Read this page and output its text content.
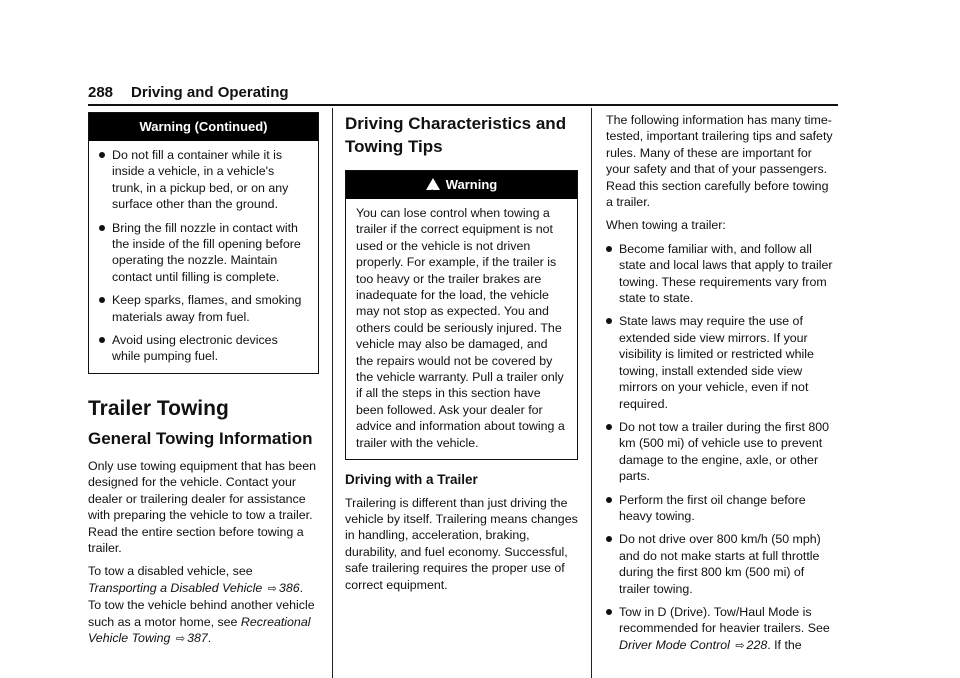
288 Driving and Operating
Warning (Continued)
Do not fill a container while it is inside a vehicle, in a vehicle's trunk, in a pickup bed, or on any surface other than the ground.
Bring the fill nozzle in contact with the inside of the fill opening before operating the nozzle. Maintain contact until filling is complete.
Keep sparks, flames, and smoking materials away from fuel.
Avoid using electronic devices while pumping fuel.
Trailer Towing
General Towing Information

Only use towing equipment that has been designed for the vehicle. Contact your dealer or trailering dealer for assistance with preparing the vehicle to tow a trailer. Read the entire section before towing a trailer.

To tow a disabled vehicle, see Transporting a Disabled Vehicle ⇨ 386. To tow the vehicle behind another vehicle such as a motor home, see Recreational Vehicle Towing ⇨ 387.

Driving Characteristics and Towing Tips
!Warning

You can lose control when towing a trailer if the correct equipment is not used or the vehicle is not driven properly. For example, if the trailer is too heavy or the trailer brakes are inadequate for the load, the vehicle may not stop as expected. You and others could be seriously injured. The vehicle may also be damaged, and the repairs would not be covered by the vehicle warranty. Pull a trailer only if all the steps in this section have been followed. Ask your dealer for advice and information about towing a trailer with the vehicle.

Driving with a Trailer

Trailering is different than just driving the vehicle by itself. Trailering means changes in handling, acceleration, braking, durability, and fuel economy. Successful, safe trailering requires the proper use of correct equipment.

The following information has many time-tested, important trailering tips and safety rules. Many of these are important for your safety and that of your passengers. Read this section carefully before towing a trailer.

When towing a trailer:

Become familiar with, and follow all state and local laws that apply to trailer towing. These requirements vary from state to state.
State laws may require the use of extended side view mirrors. If your visibility is limited or restricted while towing, install extended side view mirrors on your vehicle, even if not required.
Do not tow a trailer during the first 800 km (500 mi) of vehicle use to prevent damage to the engine, axle, or other parts.
Perform the first oil change before heavy towing.
Do not drive over 800 km/h (50 mph) and do not make starts at full throttle during the first 800 km (500 mi) of trailer towing.
Tow in D (Drive). Tow/Haul Mode is recommended for heavier trailers. See Driver Mode Control ⇨ 228. If the
